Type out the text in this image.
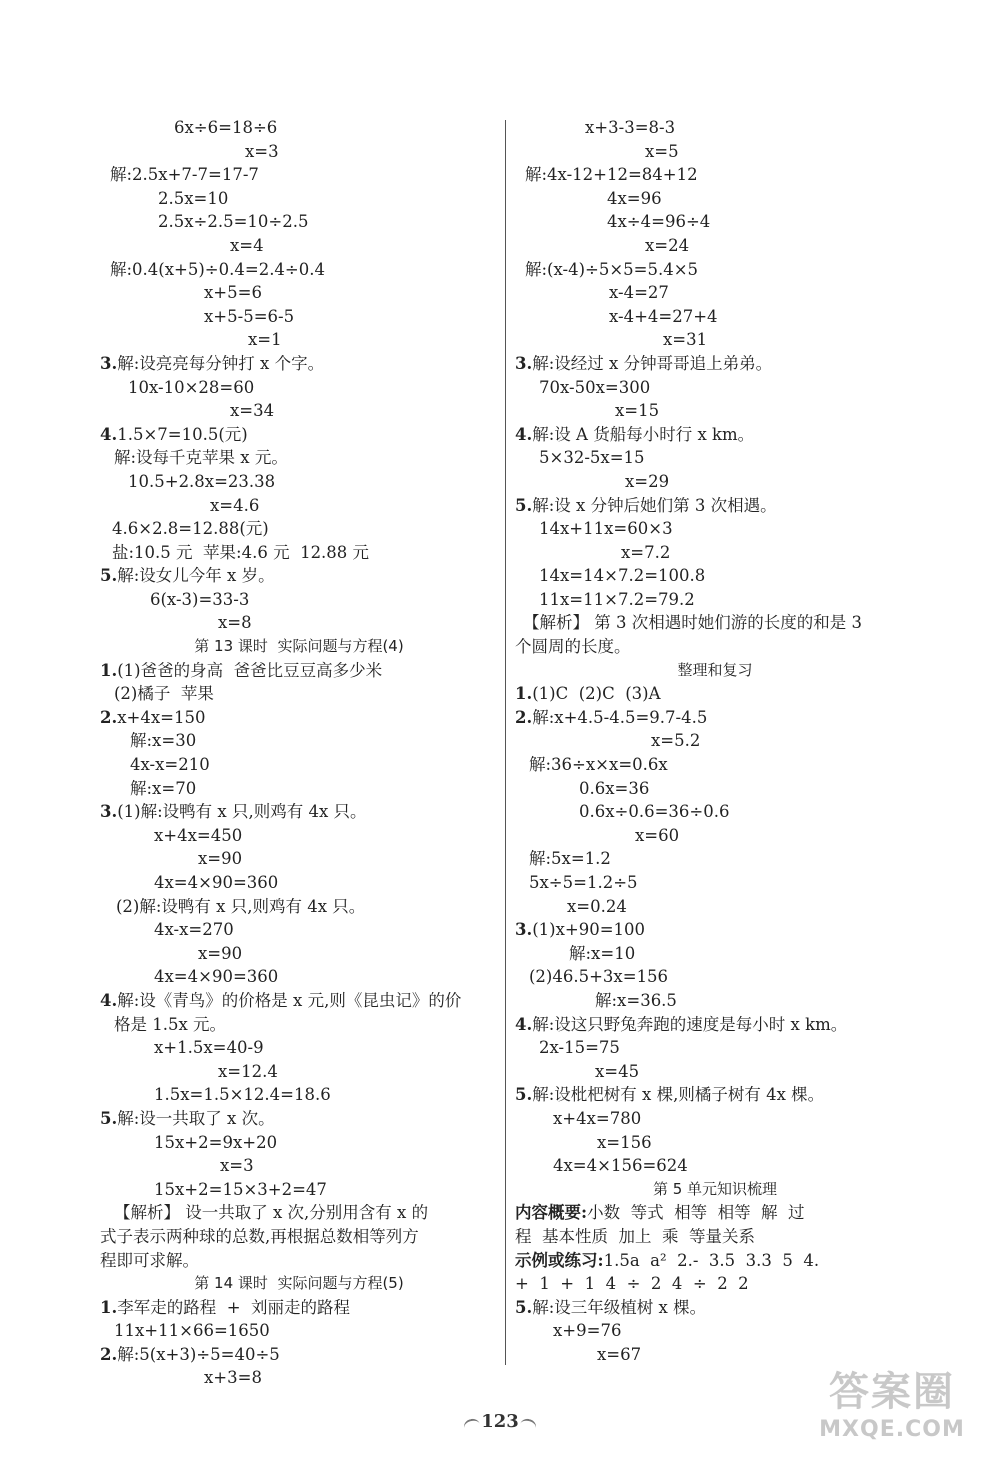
6x÷6=18÷6
x=3
解:2.5x+7-7=17-7
2.5x=10
2.5x÷2.5=10÷2.5
x=4
解:0.4(x+5)÷0.4=2.4÷0.4
x+5=6
x+5-5=6-5
x=1
3.解:设亮亮每分钟打 x 个字。
10x-10×28=60
x=34
4.1.5×7=10.5(元)
解:设每千克苹果 x 元。
10.5+2.8x=23.38
x=4.6
4.6×2.8=12.88(元)
盐:10.5 元  苹果:4.6 元  12.88 元
5.解:设女儿今年 x 岁。
6(x-3)=33-3
x=8
第 13 课时  实际问题与方程(4)
1.(1)爸爸的身高  爸爸比豆豆高多少米
(2)橘子  苹果
2.x+4x=150
解:x=30
4x-x=210
解:x=70
3.(1)解:设鸭有 x 只,则鸡有 4x 只。
x+4x=450
x=90
4x=4×90=360
(2)解:设鸭有 x 只,则鸡有 4x 只。
4x-x=270
x=90
4x=4×90=360
4.解:设《青鸟》的价格是 x 元,则《昆虫记》的价
格是 1.5x 元。
x+1.5x=40-9
x=12.4
1.5x=1.5×12.4=18.6
5.解:设一共取了 x 次。
15x+2=9x+20
x=3
15x+2=15×3+2=47
【解析】 设一共取了 x 次,分别用含有 x 的
式子表示两种球的总数,再根据总数相等列方
程即可求解。
第 14 课时  实际问题与方程(5)
1.李军走的路程  +  刘丽走的路程
11x+11×66=1650
2.解:5(x+3)÷5=40÷5
x+3=8
x+3-3=8-3
x=5
解:4x-12+12=84+12
4x=96
4x÷4=96÷4
x=24
解:(x-4)÷5×5=5.4×5
x-4=27
x-4+4=27+4
x=31
3.解:设经过 x 分钟哥哥追上弟弟。
70x-50x=300
x=15
4.解:设 A 货船每小时行 x km。
5×32-5x=15
x=29
5.解:设 x 分钟后她们第 3 次相遇。
14x+11x=60×3
x=7.2
14x=14×7.2=100.8
11x=11×7.2=79.2
【解析】 第 3 次相遇时她们游的长度的和是 3
个圆周的长度。
整理和复习
1.(1)C  (2)C  (3)A
2.解:x+4.5-4.5=9.7-4.5
x=5.2
解:36÷x×x=0.6x
0.6x=36
0.6x÷0.6=36÷0.6
x=60
解:5x=1.2
5x÷5=1.2÷5
x=0.24
3.(1)x+90=100
解:x=10
(2)46.5+3x=156
解:x=36.5
4.解:设这只野兔奔跑的速度是每小时 x km。
2x-15=75
x=45
5.解:设枇杷树有 x 棵,则橘子树有 4x 棵。
x+4x=780
x=156
4x=4×156=624
第 5 单元知识梳理
内容概要:小数  等式  相等  相等  解  过
程  基本性质  加上  乘  等量关系
示例或练习:1.5a  a²  2.-  3.5  3.3  5  4.
+  1  +  1  4  ÷  2  4  ÷  2  2
5.解:设三年级植树 x 棵。
x+9=76
x=67
123
答案圈
MXQE.COM
